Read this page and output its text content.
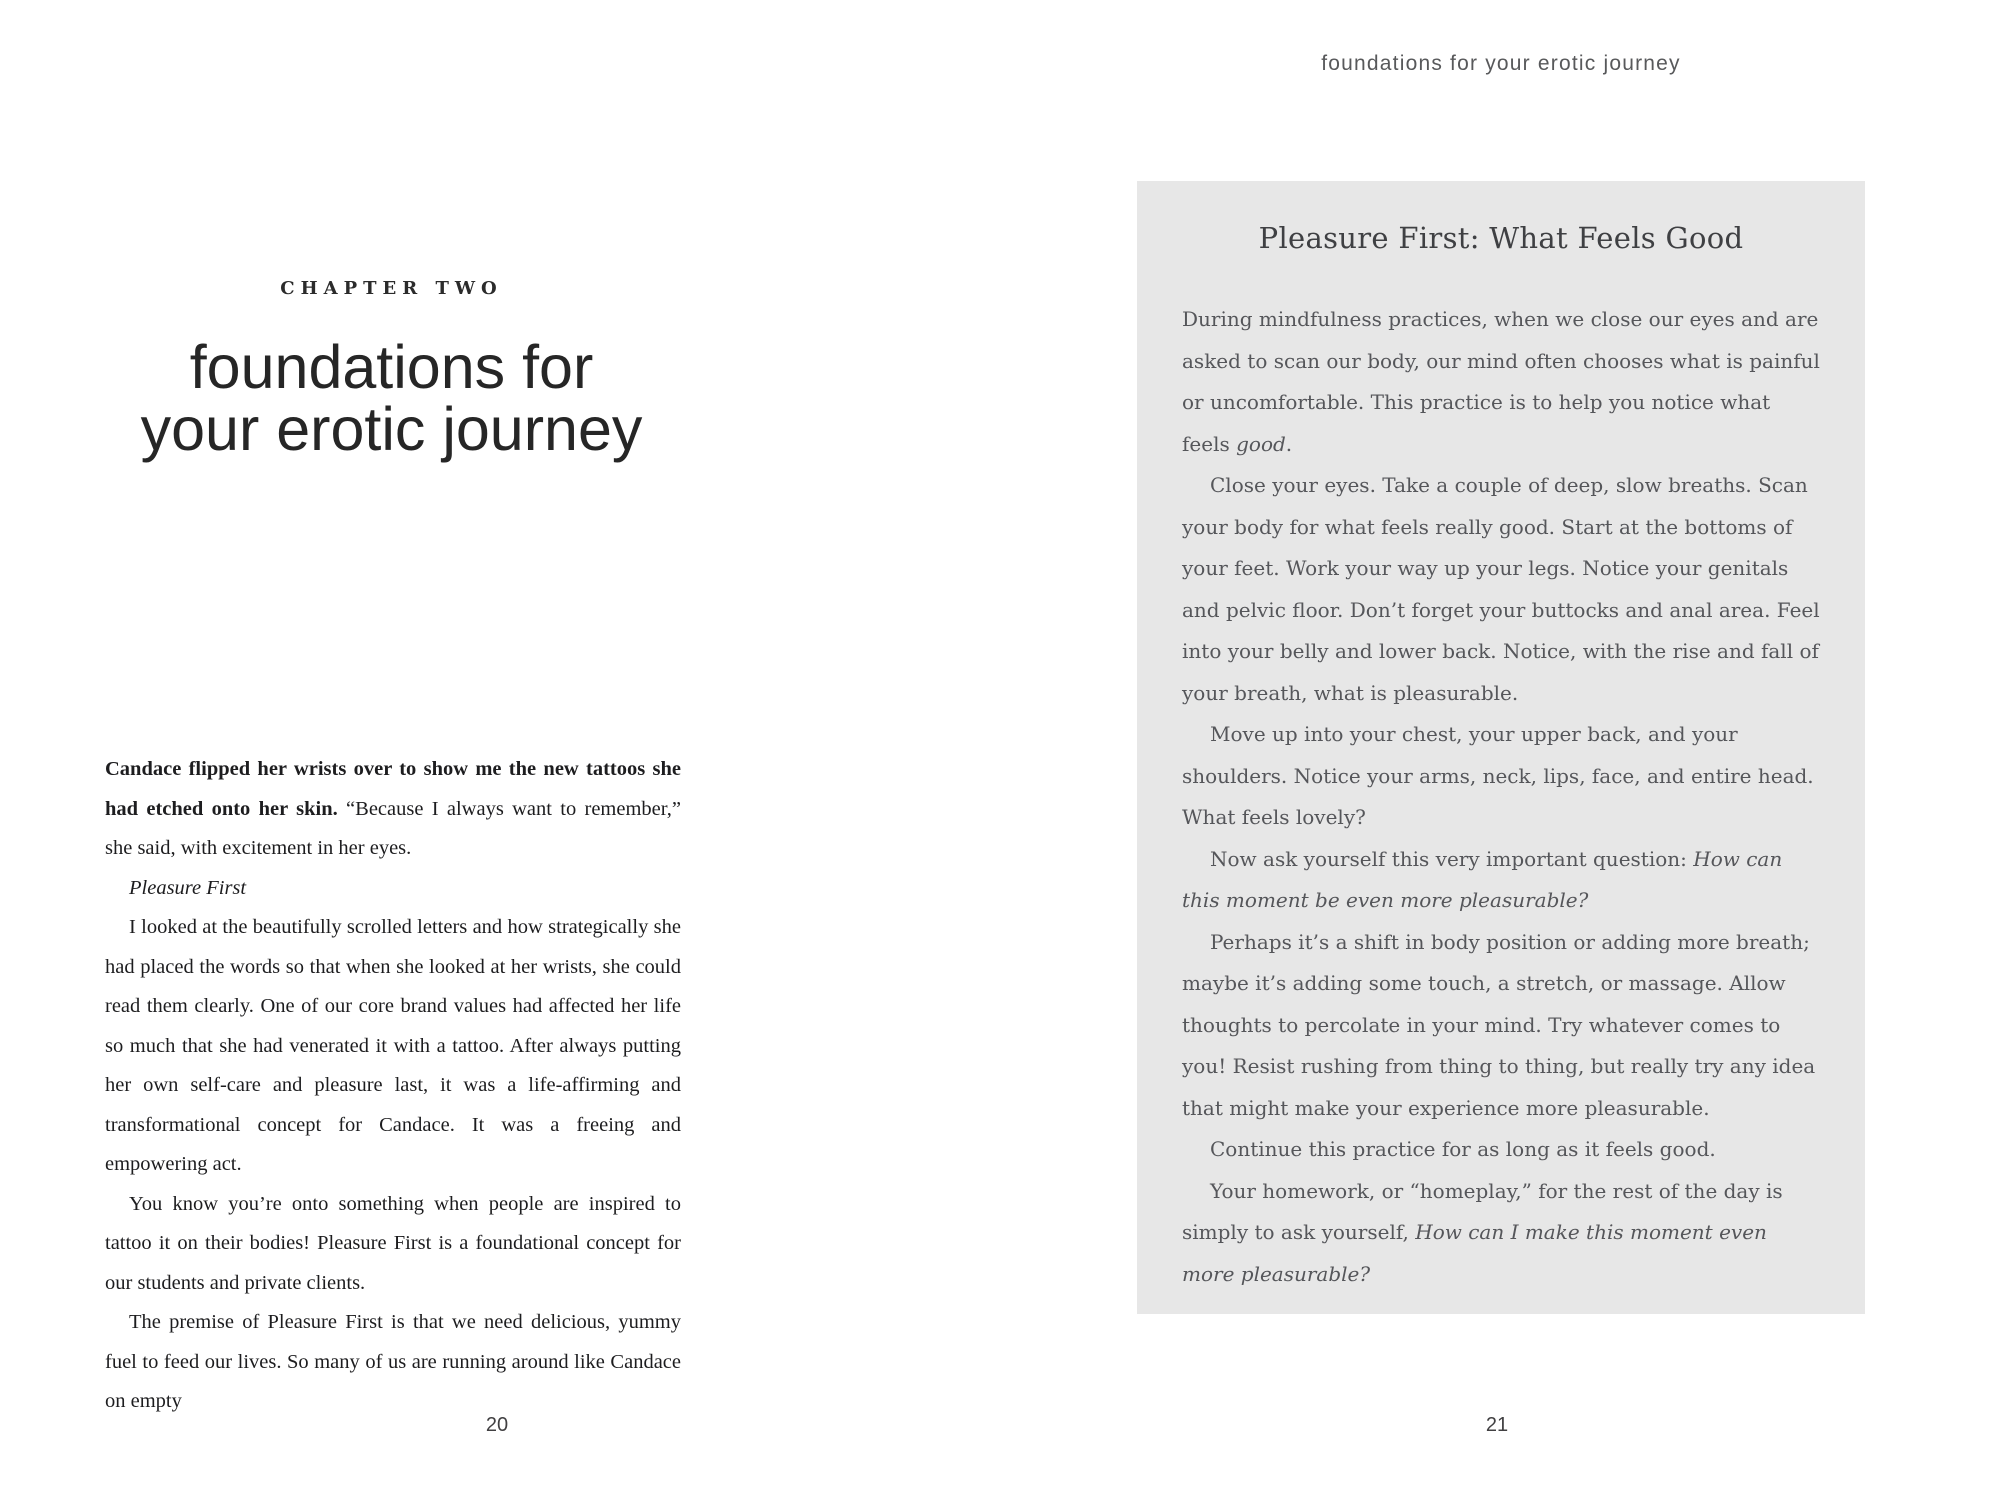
foundations for your erotic journey
CHAPTER TWO
foundations for
your erotic journey

Candace flipped her wrists over to show me the new tattoos she had etched onto her skin. “Because I always want to remember,” she said, with excitement in her eyes.

Pleasure First

I looked at the beautifully scrolled letters and how strategically she had placed the words so that when she looked at her wrists, she could read them clearly. One of our core brand values had affected her life so much that she had venerated it with a tattoo. After always putting her own self-care and pleasure last, it was a life-affirming and transformational concept for Candace. It was a freeing and empowering act.

You know you’re onto something when people are inspired to tattoo it on their bodies! Pleasure First is a foundational concept for our students and private clients.

The premise of Pleasure First is that we need delicious, yummy fuel to feed our lives. So many of us are running around like Candace on empty

Pleasure First: What Feels Good

During mindfulness practices, when we close our eyes and are asked to scan our body, our mind often chooses what is painful or uncomfortable. This practice is to help you notice what feels good.

Close your eyes. Take a couple of deep, slow breaths. Scan your body for what feels really good. Start at the bottoms of your feet. Work your way up your legs. Notice your genitals and pelvic floor. Don’t forget your buttocks and anal area. Feel into your belly and lower back. Notice, with the rise and fall of your breath, what is pleasurable.

Move up into your chest, your upper back, and your shoulders. Notice your arms, neck, lips, face, and entire head. What feels lovely?

Now ask yourself this very important question: How can this moment be even more pleasurable?

Perhaps it’s a shift in body position or adding more breath; maybe it’s adding some touch, a stretch, or massage. Allow thoughts to percolate in your mind. Try whatever comes to you! Resist rushing from thing to thing, but really try any idea that might make your experience more pleasurable.

Continue this practice for as long as it feels good.

Your homework, or “homeplay,” for the rest of the day is simply to ask yourself, How can I make this moment even more pleasurable?

20	21
